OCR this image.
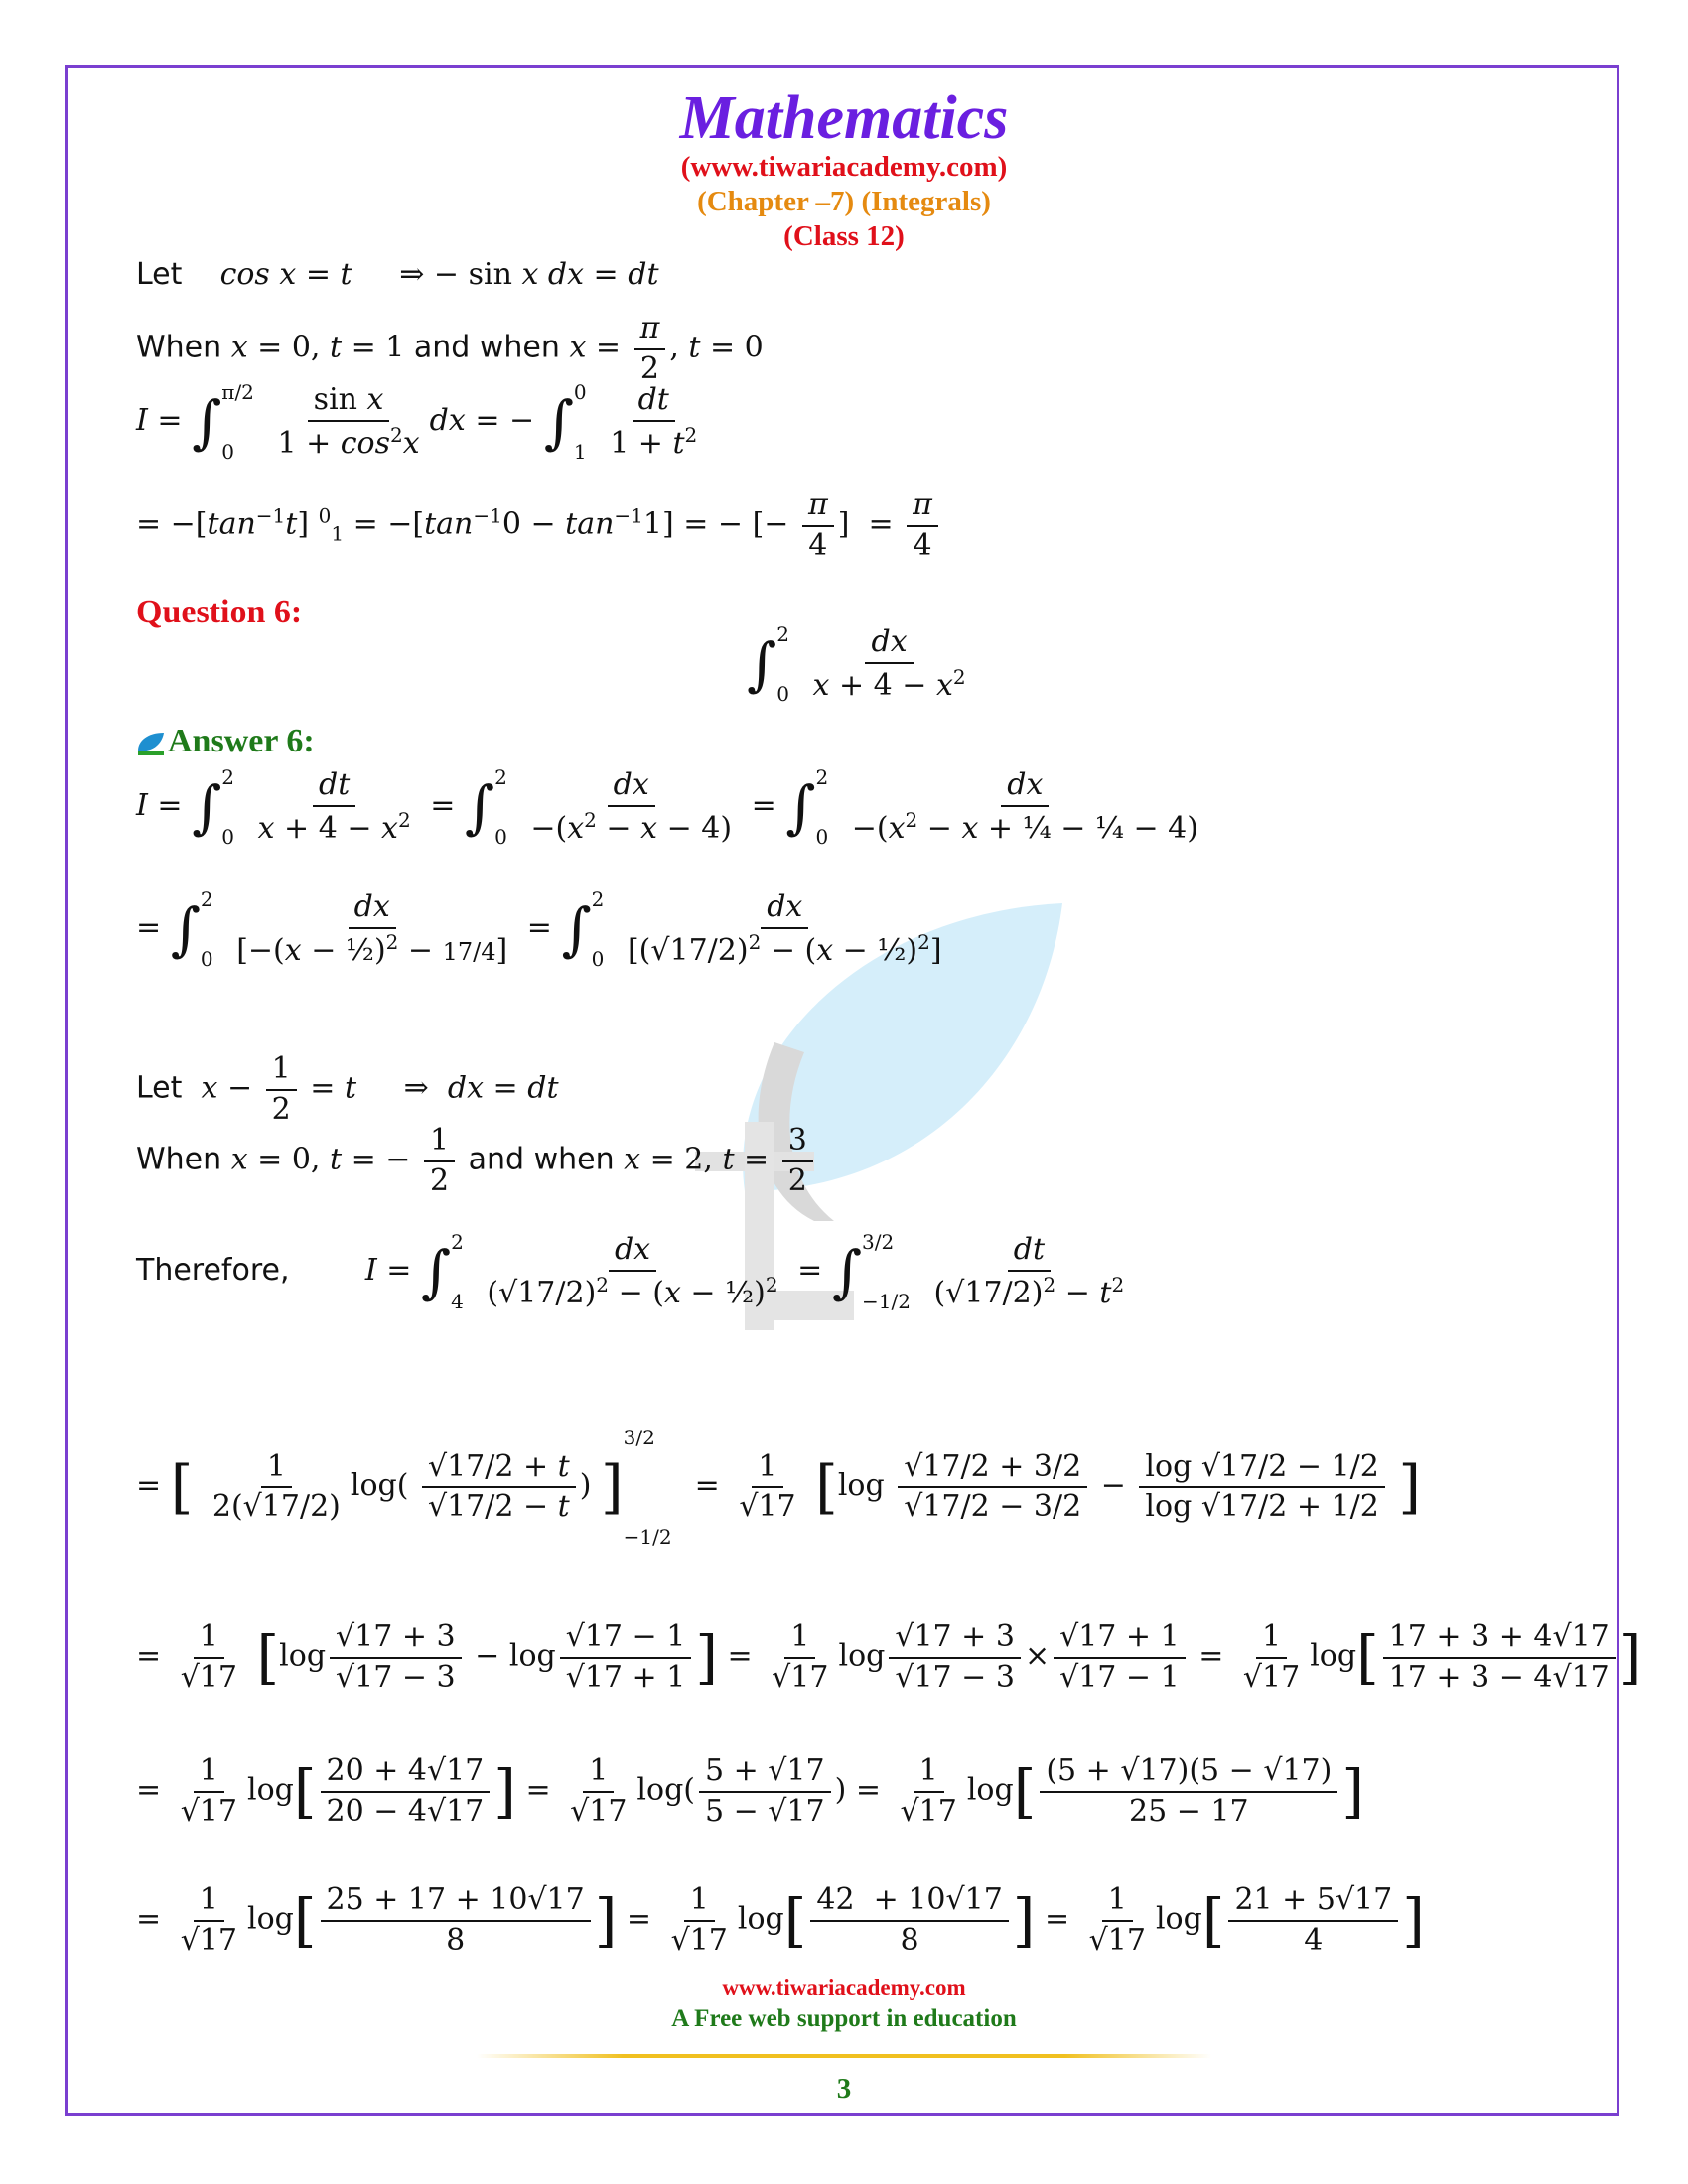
Mathematics
(www.tiwariacademy.com)
(Chapter –7) (Integrals)
(Class 12)
Let cos x = t     ⇒ − sin x dx = dt
When x = 0, t = 1 and when $x = \frac{\pi}{2}$ , t = 0
I = ∫ π/2
0
	$\frac{\text{sin x}}{1 + \cos^2x}$ dx = − ∫ 0
1
$\frac{dt}{1 + t^2}$
= $-[\tan^{-1}t] ^0_1 = -[\tan^{-1}0 - \tan^{-1}1]$ = − [− $\frac{\pi}{4}$ ]  = $\frac{\pi}{4}$
Question 6:
∫ 2
0
$\frac{dx}{x + 4 - x^2}$
Answer 6:
I = ∫ 2
0
$\frac{dt}{x + 4 - x^2}$ = ∫ 2
0
$\frac{dx}{-(x^2 - x - 4)}$ = ∫ 2
0
$\frac{dx}{-(x^2 - x + \frac{1}{4} - \frac{1}{4} - 4)}$
= ∫ 2
0
$\frac{dx}{[-(x - \frac{1}{2})^2 - 17/4]}$ = ∫ 2
0
$\frac{dx}{[(√17/2)^2 - (x - \frac{1}{2})^2]}$
Let $x - \frac{1}{2} = t$     ⇒  dx = dt
When x = 0, t = − $\frac{1}{2}$ and when x = 2, $t = \frac{3}{2}$
Therefore,	I = ∫ 2
4
$\frac{dx}{(√17/2)^2 - (x - \frac{1}{2})^2}$ = ∫ 3/2
−1/2
$\frac{dt}{(√17/2)^2 - t^2}$
= [ $\frac{1}{2(√17/2)} \log( \frac{√17/2 + t}{√17/2 - t}$ ) ]
3/2
−1/2
= $\frac{1}{√17} [\log \frac{√17/2 + 3/2}{√17/2 - 3/2} - \frac{\log √17/2 - 1/2}{\log √17/2 + 1/2}$ ]
= $\frac{1}{√17} [\log \frac{√17 + 3}{√17 - 3} - \log \frac{√17 - 1}{√17 + 1}$ ] = $\frac{1}{√17}$ $\log \frac{√17 + 3}{√17 - 3} \times \frac{√17 + 1}{√17 - 1} = \frac{1}{√17} \log[ \frac{17 + 3 + 4√17}{17 + 3 - 4√17}$ ]
= $\frac{1}{√17} \log[ \frac{20 + 4√17}{20 - 4√17}$ ] = $\frac{1}{√17} \log( \frac{5 + √17}{5 - √17}$ ) = $\frac{1}{√17} \log[ \frac{(5 + √17)(5 - √17)}{25 - 17}$ ]
= $\frac{1}{√17} \log[ \frac{25 + 17 + 10√17}{8}$ ] = $\frac{1}{√17} \log[ \frac{42 + 10√17}{8}$ ] = $\frac{1}{√17} \log[ \frac{21 + 5√17}{4}$ ]
www.tiwariacademy.com
A Free web support in education
3
